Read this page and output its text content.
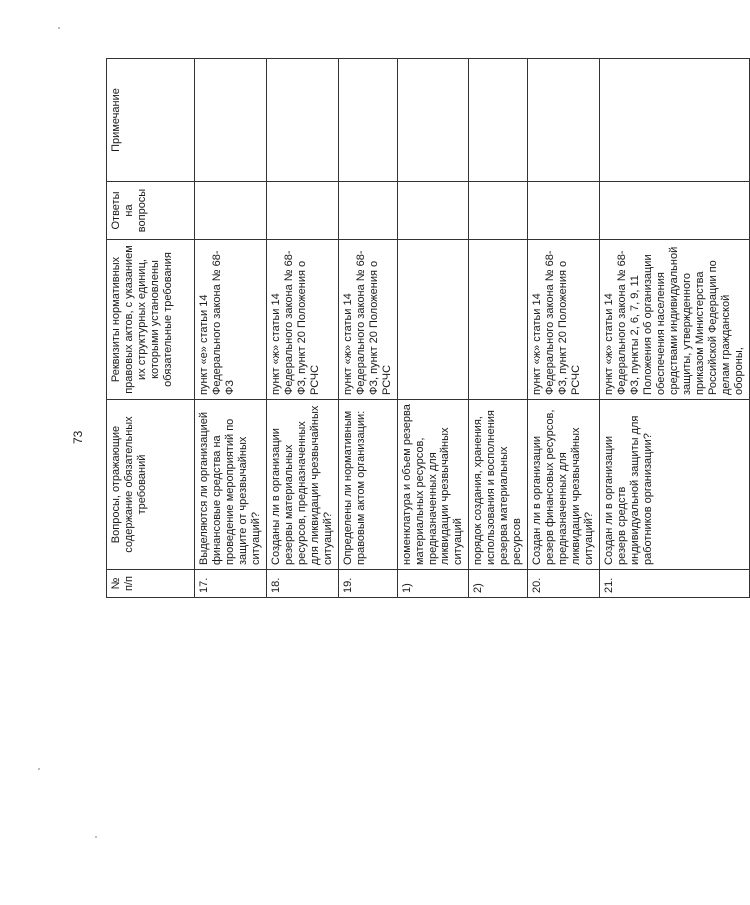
73
№ п/п	Вопросы, отражающие содержание обязательных требований	Реквизиты нормативных правовых актов, с указанием их структурных единиц, которыми установлены обязательные требования	Ответы на вопросы	Примечание
17.	Выделяются ли организацией финансовые средства на проведение мероприятий по защите от чрезвычайных ситуаций?	пункт «е» статьи 14 Федерального закона № 68-ФЗ		
18.	Созданы ли в организации резервы материальных ресурсов, предназначенных для ликвидации чрезвычайных ситуаций?	пункт «ж» статьи 14 Федерального закона № 68-ФЗ, пункт 20 Положения о РСЧС		
19.	Определены ли нормативным правовым актом организации:	пункт «ж» статьи 14 Федерального закона № 68-ФЗ, пункт 20 Положения о РСЧС		
1)	номенклатура и объем резерва материальных ресурсов, предназначенных для ликвидации чрезвычайных ситуаций			
2)	порядок создания, хранения, использования и восполнения резерва материальных ресурсов			
20.	Создан ли в организации резерв финансовых ресурсов, предназначенных для ликвидации чрезвычайных ситуаций?	пункт «ж» статьи 14 Федерального закона № 68-ФЗ, пункт 20 Положения о РСЧС		
21.	Создан ли в организации резерв средств индивидуальной защиты для работников организации?	пункт «ж» статьи 14 Федерального закона № 68-ФЗ, пункты 2, 6, 7, 9, 11 Положения об организации обеспечения населения средствами индивидуальной защиты, утвержденного приказом Министерства Российской Федерации по делам гражданской обороны,		
